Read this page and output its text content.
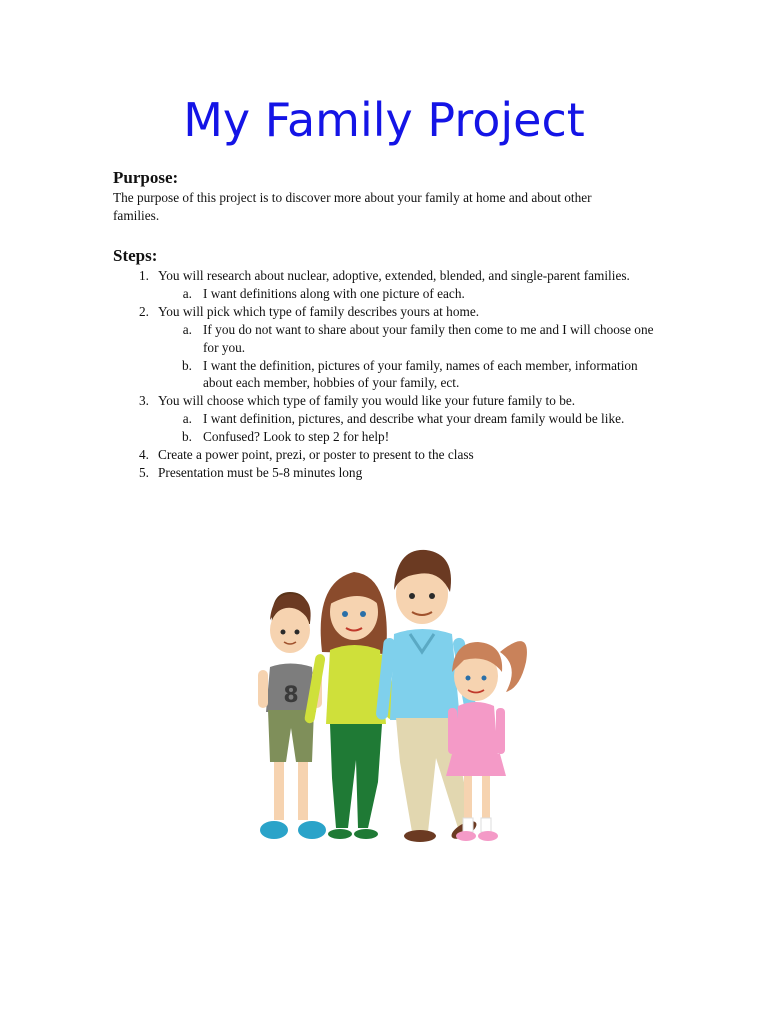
My Family Project
Purpose:

The purpose of this project is to discover more about your family at home and about other
families.

Steps:
1. You will research about nuclear, adoptive, extended, blended, and single-parent families.
a. I want definitions along with one picture of each.
2. You will pick which type of family describes yours at home.
a. If you do not want to share about your family then come to me and I will choose one for you.
b. I want the definition, pictures of your family, names of each member, information about each member, hobbies of your family, ect.
3. You will choose which type of family you would like your future family to be.
a. I want definition, pictures, and describe what your dream family would be like.
b. Confused? Look to step 2 for help!
4. Create a power point, prezi, or poster to present to the class
5. Presentation must be 5-8 minutes long
8
